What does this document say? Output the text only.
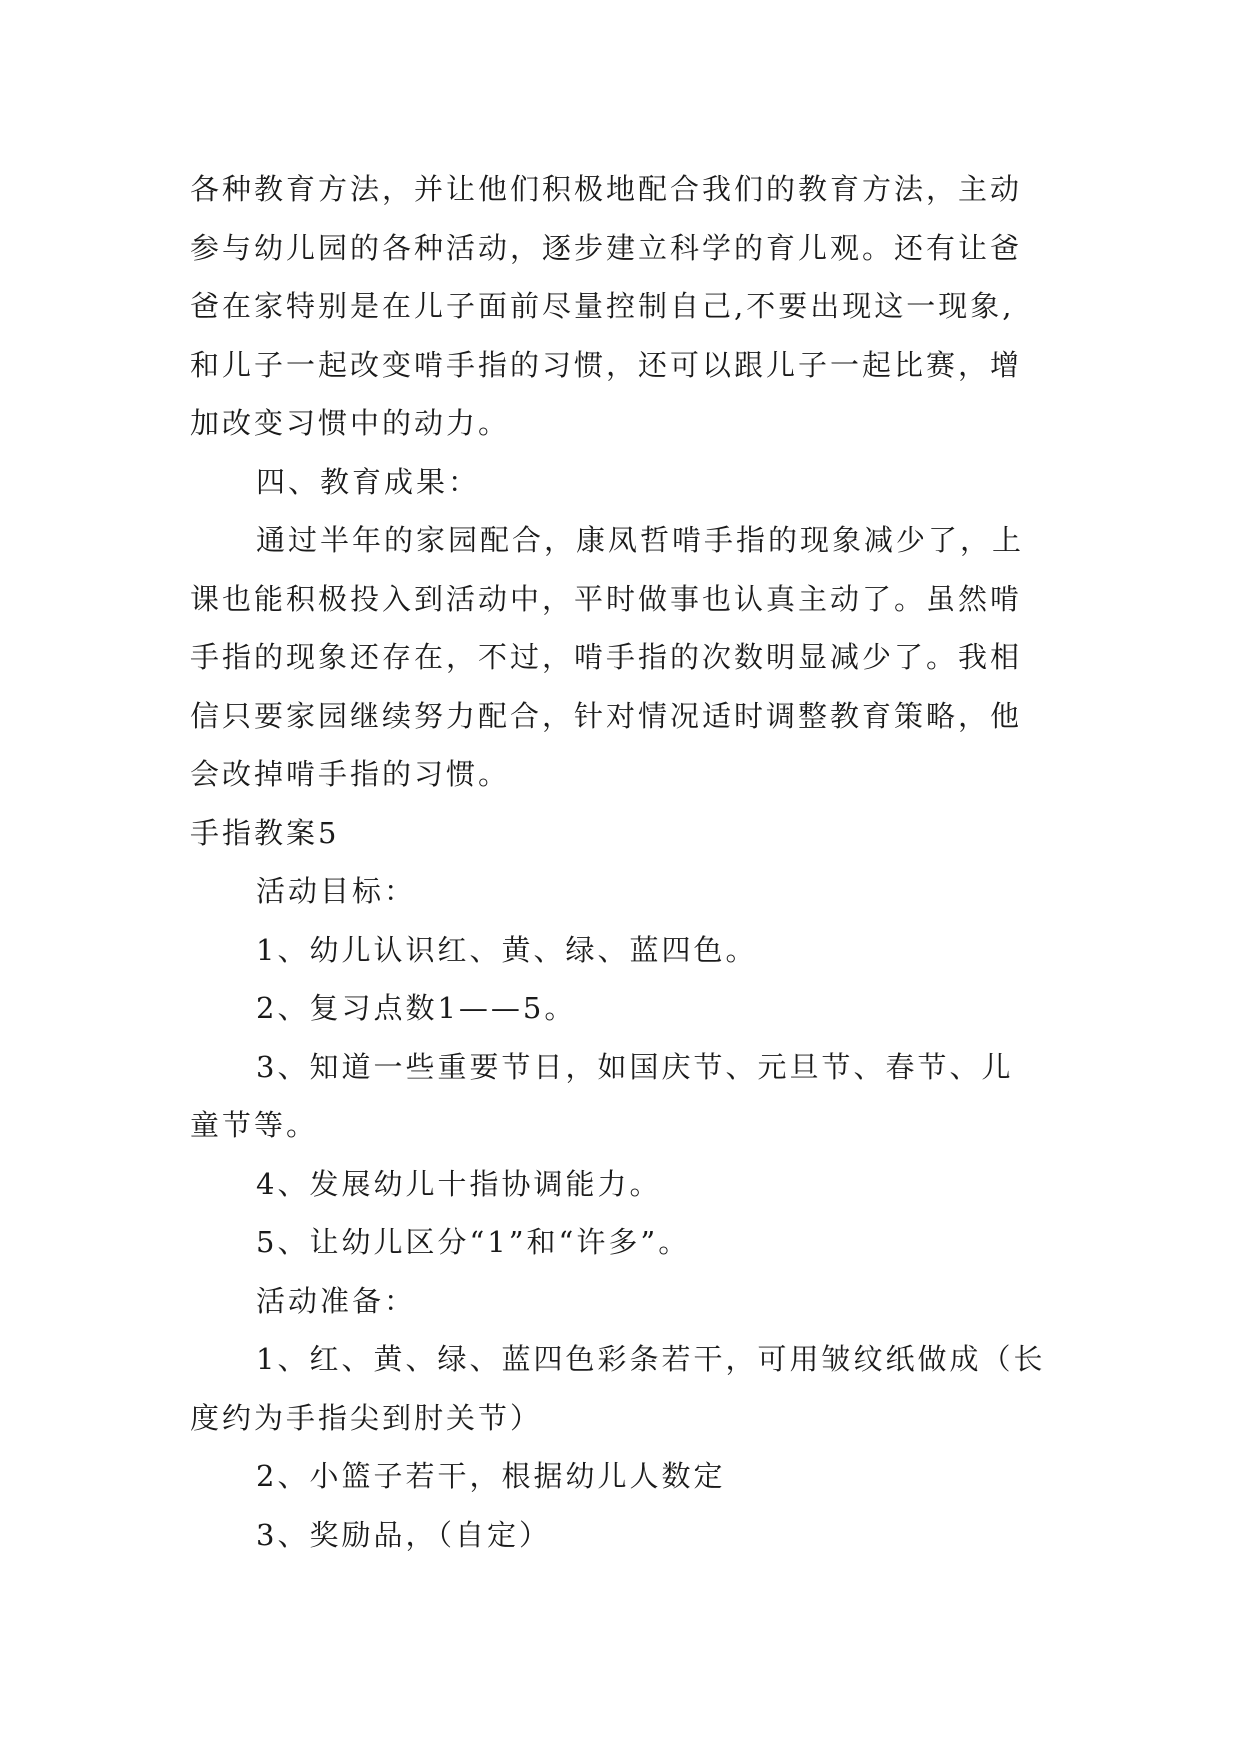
各种教育方法，并让他们积极地配合我们的教育方法，主动
参与幼儿园的各种活动，逐步建立科学的育儿观。还有让爸
爸在家特别是在儿子面前尽量控制自己,不要出现这一现象,
和儿子一起改变啃手指的习惯，还可以跟儿子一起比赛，增
加改变习惯中的动力。
四、教育成果：
通过半年的家园配合，康凤哲啃手指的现象减少了，上
课也能积极投入到活动中，平时做事也认真主动了。虽然啃
手指的现象还存在，不过，啃手指的次数明显减少了。我相
信只要家园继续努力配合，针对情况适时调整教育策略，他
会改掉啃手指的习惯。
手指教案5
活动目标：
1、幼儿认识红、黄、绿、蓝四色。
2、复习点数1——5。
3、知道一些重要节日，如国庆节、元旦节、春节、儿
童节等。
4、发展幼儿十指协调能力。
5、让幼儿区分“1”和“许多”。
活动准备：
1、红、黄、绿、蓝四色彩条若干，可用皱纹纸做成（长
度约为手指尖到肘关节）
2、小篮子若干，根据幼儿人数定
3、奖励品，（自定）
